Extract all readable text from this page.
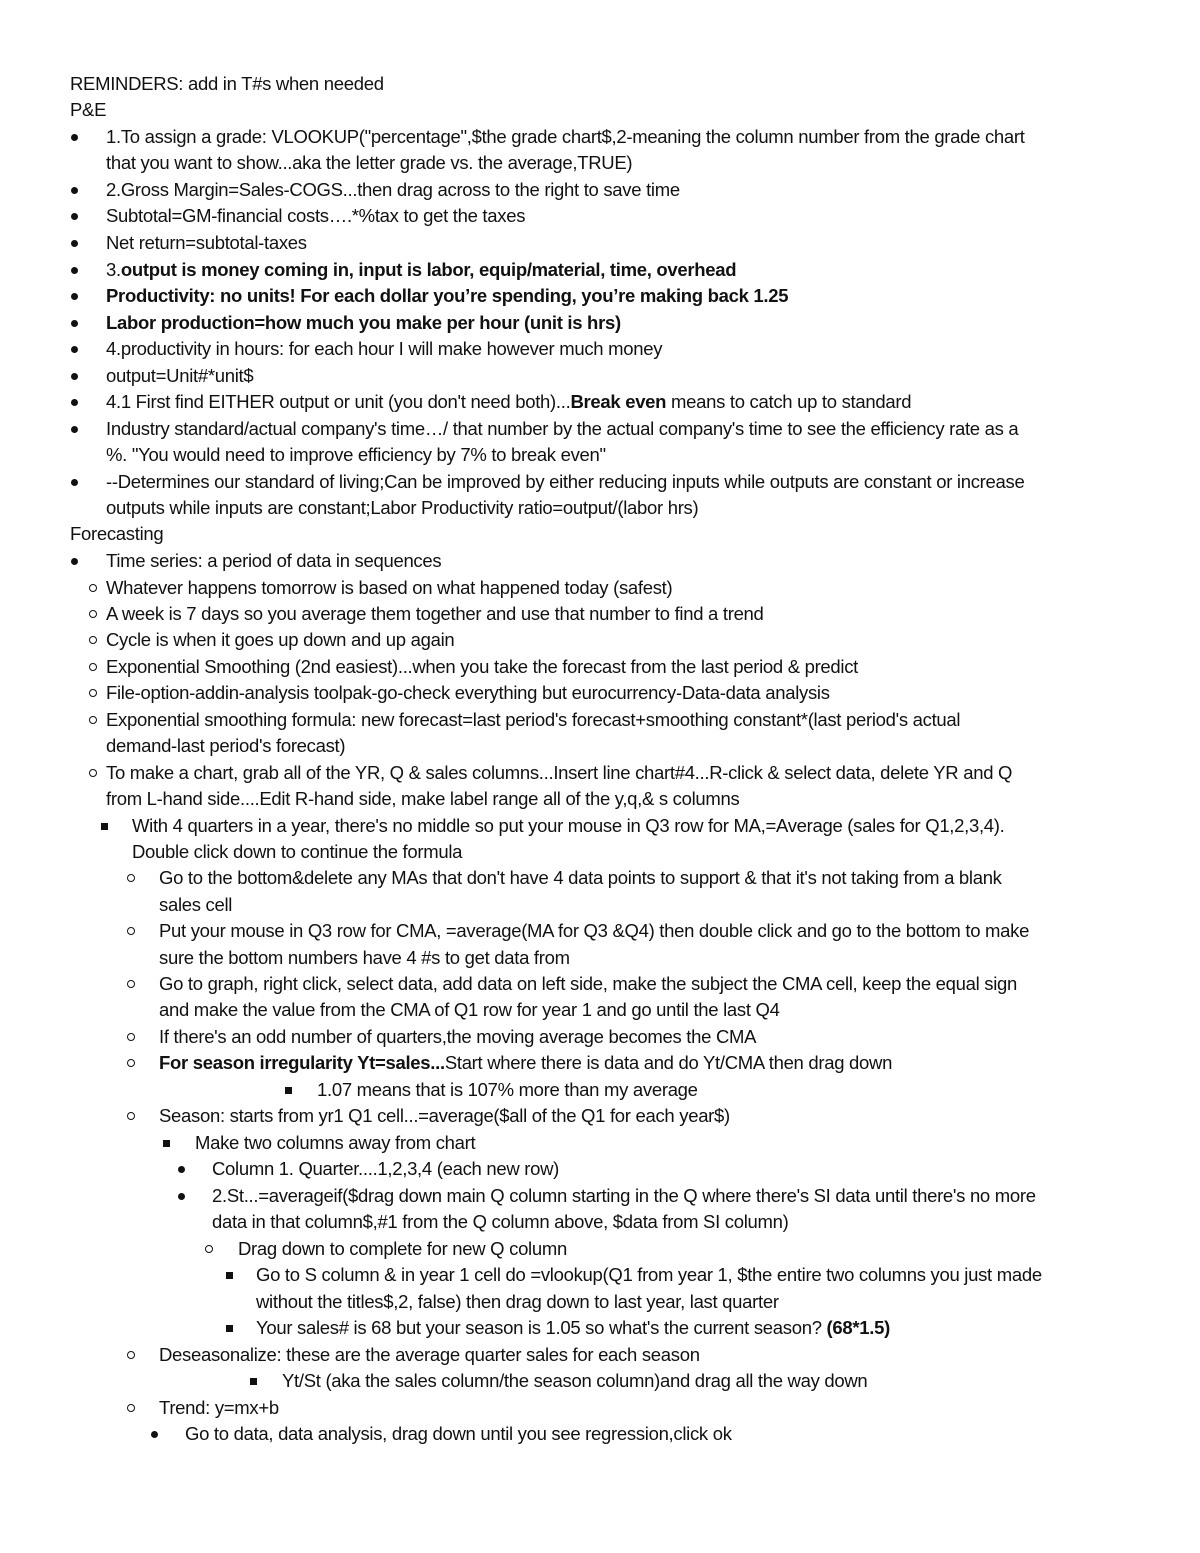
REMINDERS: add in T#s when needed
P&E
1.To assign a grade: VLOOKUP("percentage",$the grade chart$,2-meaning the column number from the grade chart
that you want to show...aka the letter grade vs. the average,TRUE)
2.Gross Margin=Sales-COGS...then drag across to the right to save time
Subtotal=GM-financial costs….*%tax to get the taxes
Net return=subtotal-taxes
3.output is money coming in, input is labor, equip/material, time, overhead
Productivity: no units! For each dollar you’re spending, you’re making back 1.25
Labor production=how much you make per hour (unit is hrs)
4.productivity in hours: for each hour I will make however much money
output=Unit#*unit$
4.1 First find EITHER output or unit (you don't need both)...Break even means to catch up to standard
Industry standard/actual company's time…/ that number by the actual company's time to see the efficiency rate as a
%. "You would need to improve efficiency by 7% to break even"
--Determines our standard of living;Can be improved by either reducing inputs while outputs are constant or increase
outputs while inputs are constant;Labor Productivity ratio=output/(labor hrs)
Forecasting
Time series: a period of data in sequences
Whatever happens tomorrow is based on what happened today (safest)
A week is 7 days so you average them together and use that number to find a trend
Cycle is when it goes up down and up again
Exponential Smoothing (2nd easiest)...when you take the forecast from the last period & predict
File-option-addin-analysis toolpak-go-check everything but eurocurrency-Data-data analysis
Exponential smoothing formula: new forecast=last period's forecast+smoothing constant*(last period's actual
demand-last period's forecast)
To make a chart, grab all of the YR, Q & sales columns...Insert line chart#4...R-click & select data, delete YR and Q
from L-hand side....Edit R-hand side, make label range all of the y,q,& s columns
With 4 quarters in a year, there's no middle so put your mouse in Q3 row for MA,=Average (sales for Q1,2,3,4).
Double click down to continue the formula
Go to the bottom&delete any MAs that don't have 4 data points to support & that it's not taking from a blank
sales cell
Put your mouse in Q3 row for CMA, =average(MA for Q3 &Q4) then double click and go to the bottom to make
sure the bottom numbers have 4 #s to get data from
Go to graph, right click, select data, add data on left side, make the subject the CMA cell, keep the equal sign
and make the value from the CMA of Q1 row for year 1 and go until the last Q4
If there's an odd number of quarters,the moving average becomes the CMA
For season irregularity Yt=sales...Start where there is data and do Yt/CMA then drag down
1.07 means that is 107% more than my average
Season: starts from yr1 Q1 cell...=average($all of the Q1 for each year$)
Make two columns away from chart
Column 1. Quarter....1,2,3,4 (each new row)
2.St...=averageif($drag down main Q column starting in the Q where there's SI data until there's no more
data in that column$,#1 from the Q column above, $data from SI column)
Drag down to complete for new Q column
Go to S column & in year 1 cell do =vlookup(Q1 from year 1, $the entire two columns you just made
without the titles$,2, false) then drag down to last year, last quarter
Your sales# is 68 but your season is 1.05 so what's the current season? (68*1.5)
Deseasonalize: these are the average quarter sales for each season
Yt/St (aka the sales column/the season column)and drag all the way down
Trend: y=mx+b
Go to data, data analysis, drag down until you see regression,click ok
